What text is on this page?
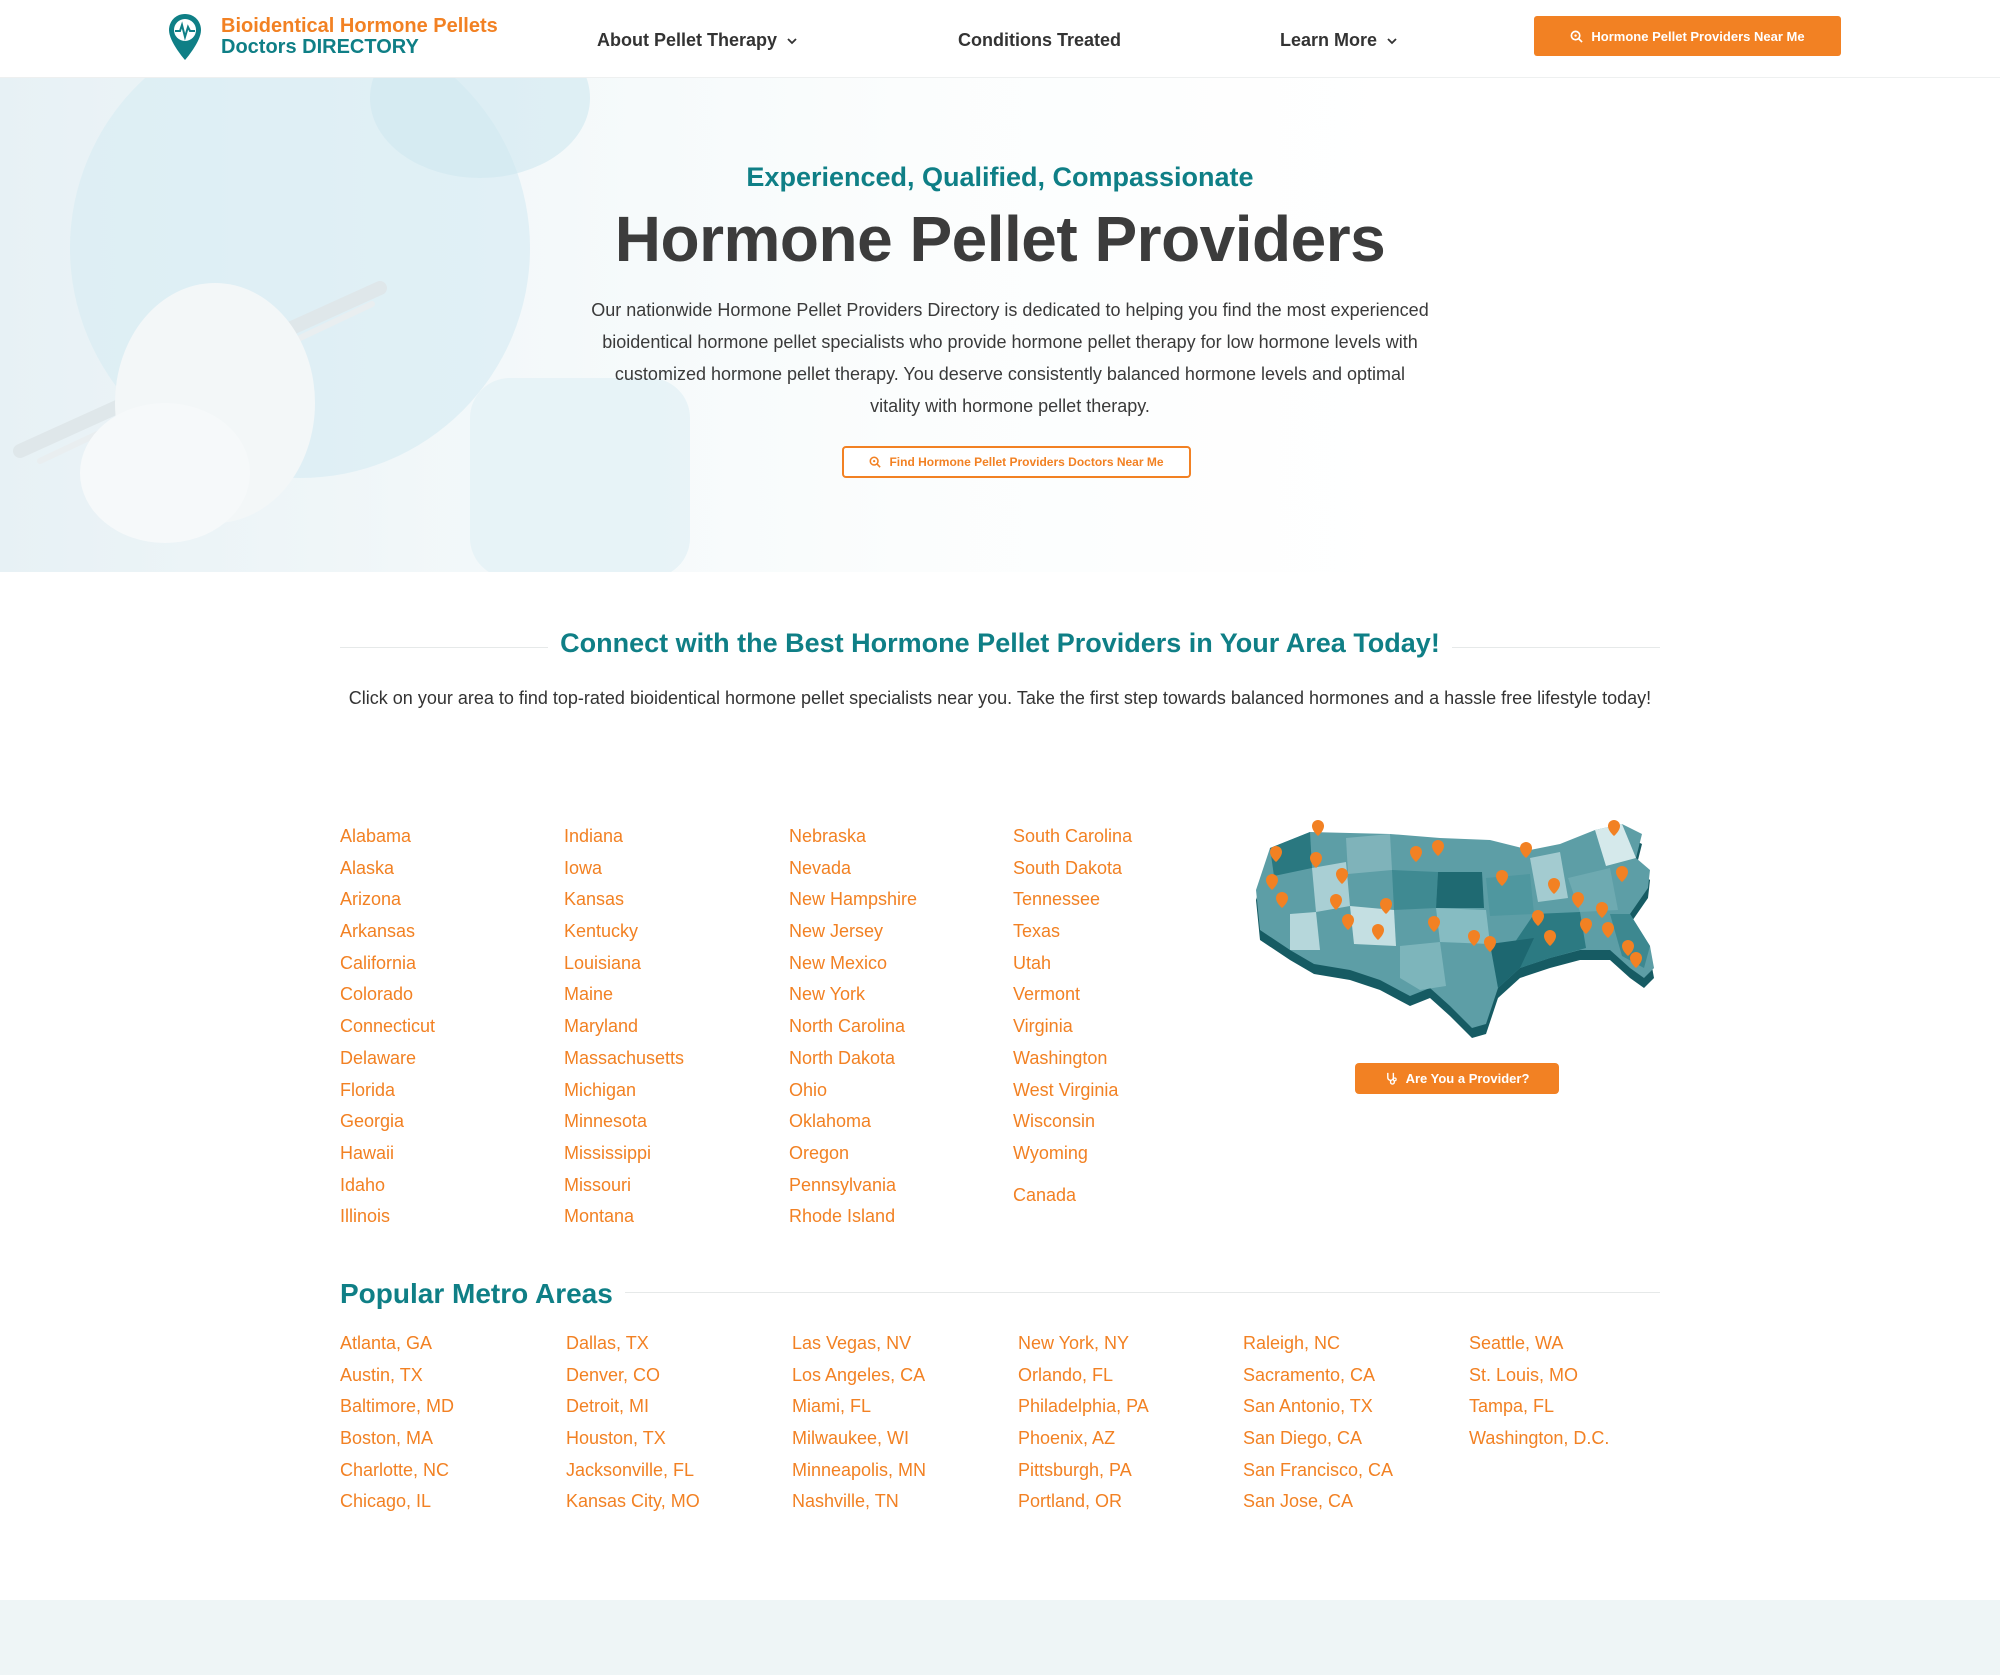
Bioidentical Hormone Pellets
Doctors DIRECTORY	About Pellet Therapy	Conditions Treated	Learn More	Hormone Pellet Providers Near Me
Experienced, Qualified, Compassionate
Hormone Pellet Providers

Our nationwide Hormone Pellet Providers Directory is dedicated to helping you find the most experienced bioidentical hormone pellet specialists who provide hormone pellet therapy for low hormone levels with customized hormone pellet therapy. You deserve consistently balanced hormone levels and optimal vitality with hormone pellet therapy.

Find Hormone Pellet Providers Doctors Near Me
Connect with the Best Hormone Pellet Providers in Your Area Today!

Click on your area to find top-rated bioidentical hormone pellet specialists near you. Take the first step towards balanced hormones and a hassle free lifestyle today!

Alabama
Alaska
Arizona
Arkansas
California
Colorado
Connecticut
Delaware
Florida
Georgia
Hawaii
Idaho
Illinois
Indiana
Iowa
Kansas
Kentucky
Louisiana
Maine
Maryland
Massachusetts
Michigan
Minnesota
Mississippi
Missouri
Montana
Nebraska
Nevada
New Hampshire
New Jersey
New Mexico
New York
North Carolina
North Dakota
Ohio
Oklahoma
Oregon
Pennsylvania
Rhode Island
South Carolina
South Dakota
Tennessee
Texas
Utah
Vermont
Virginia
Washington
West Virginia
Wisconsin
Wyoming
Canada
Are You a Provider?
Popular Metro Areas
Atlanta, GA
Austin, TX
Baltimore, MD
Boston, MA
Charlotte, NC
Chicago, IL
Dallas, TX
Denver, CO
Detroit, MI
Houston, TX
Jacksonville, FL
Kansas City, MO
Las Vegas, NV
Los Angeles, CA
Miami, FL
Milwaukee, WI
Minneapolis, MN
Nashville, TN
New York, NY
Orlando, FL
Philadelphia, PA
Phoenix, AZ
Pittsburgh, PA
Portland, OR
Raleigh, NC
Sacramento, CA
San Antonio, TX
San Diego, CA
San Francisco, CA
San Jose, CA
Seattle, WA
St. Louis, MO
Tampa, FL
Washington, D.C.
